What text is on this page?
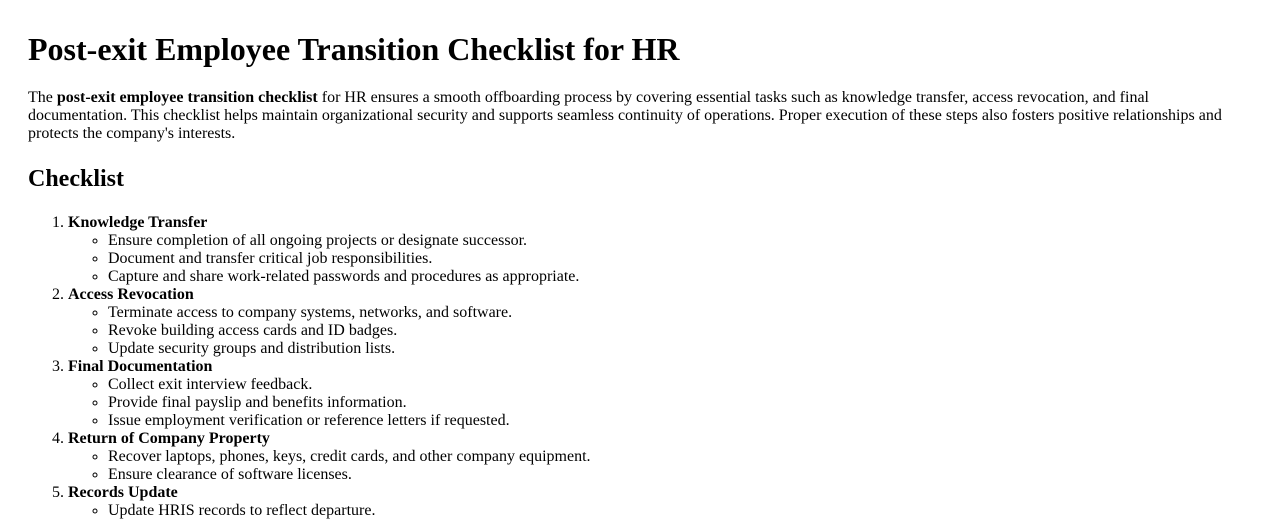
Post-exit Employee Transition Checklist for HR

The post-exit employee transition checklist for HR ensures a smooth offboarding process by covering essential tasks such as knowledge transfer, access revocation, and final documentation. This checklist helps maintain organizational security and supports seamless continuity of operations. Proper execution of these steps also fosters positive relationships and protects the company's interests.

Checklist
1. Knowledge Transfer
◦ Ensure completion of all ongoing projects or designate successor.
◦ Document and transfer critical job responsibilities.
◦ Capture and share work-related passwords and procedures as appropriate.
2. Access Revocation
◦ Terminate access to company systems, networks, and software.
◦ Revoke building access cards and ID badges.
◦ Update security groups and distribution lists.
3. Final Documentation
◦ Collect exit interview feedback.
◦ Provide final payslip and benefits information.
◦ Issue employment verification or reference letters if requested.
4. Return of Company Property
◦ Recover laptops, phones, keys, credit cards, and other company equipment.
◦ Ensure clearance of software licenses.
5. Records Update
◦ Update HRIS records to reflect departure.
